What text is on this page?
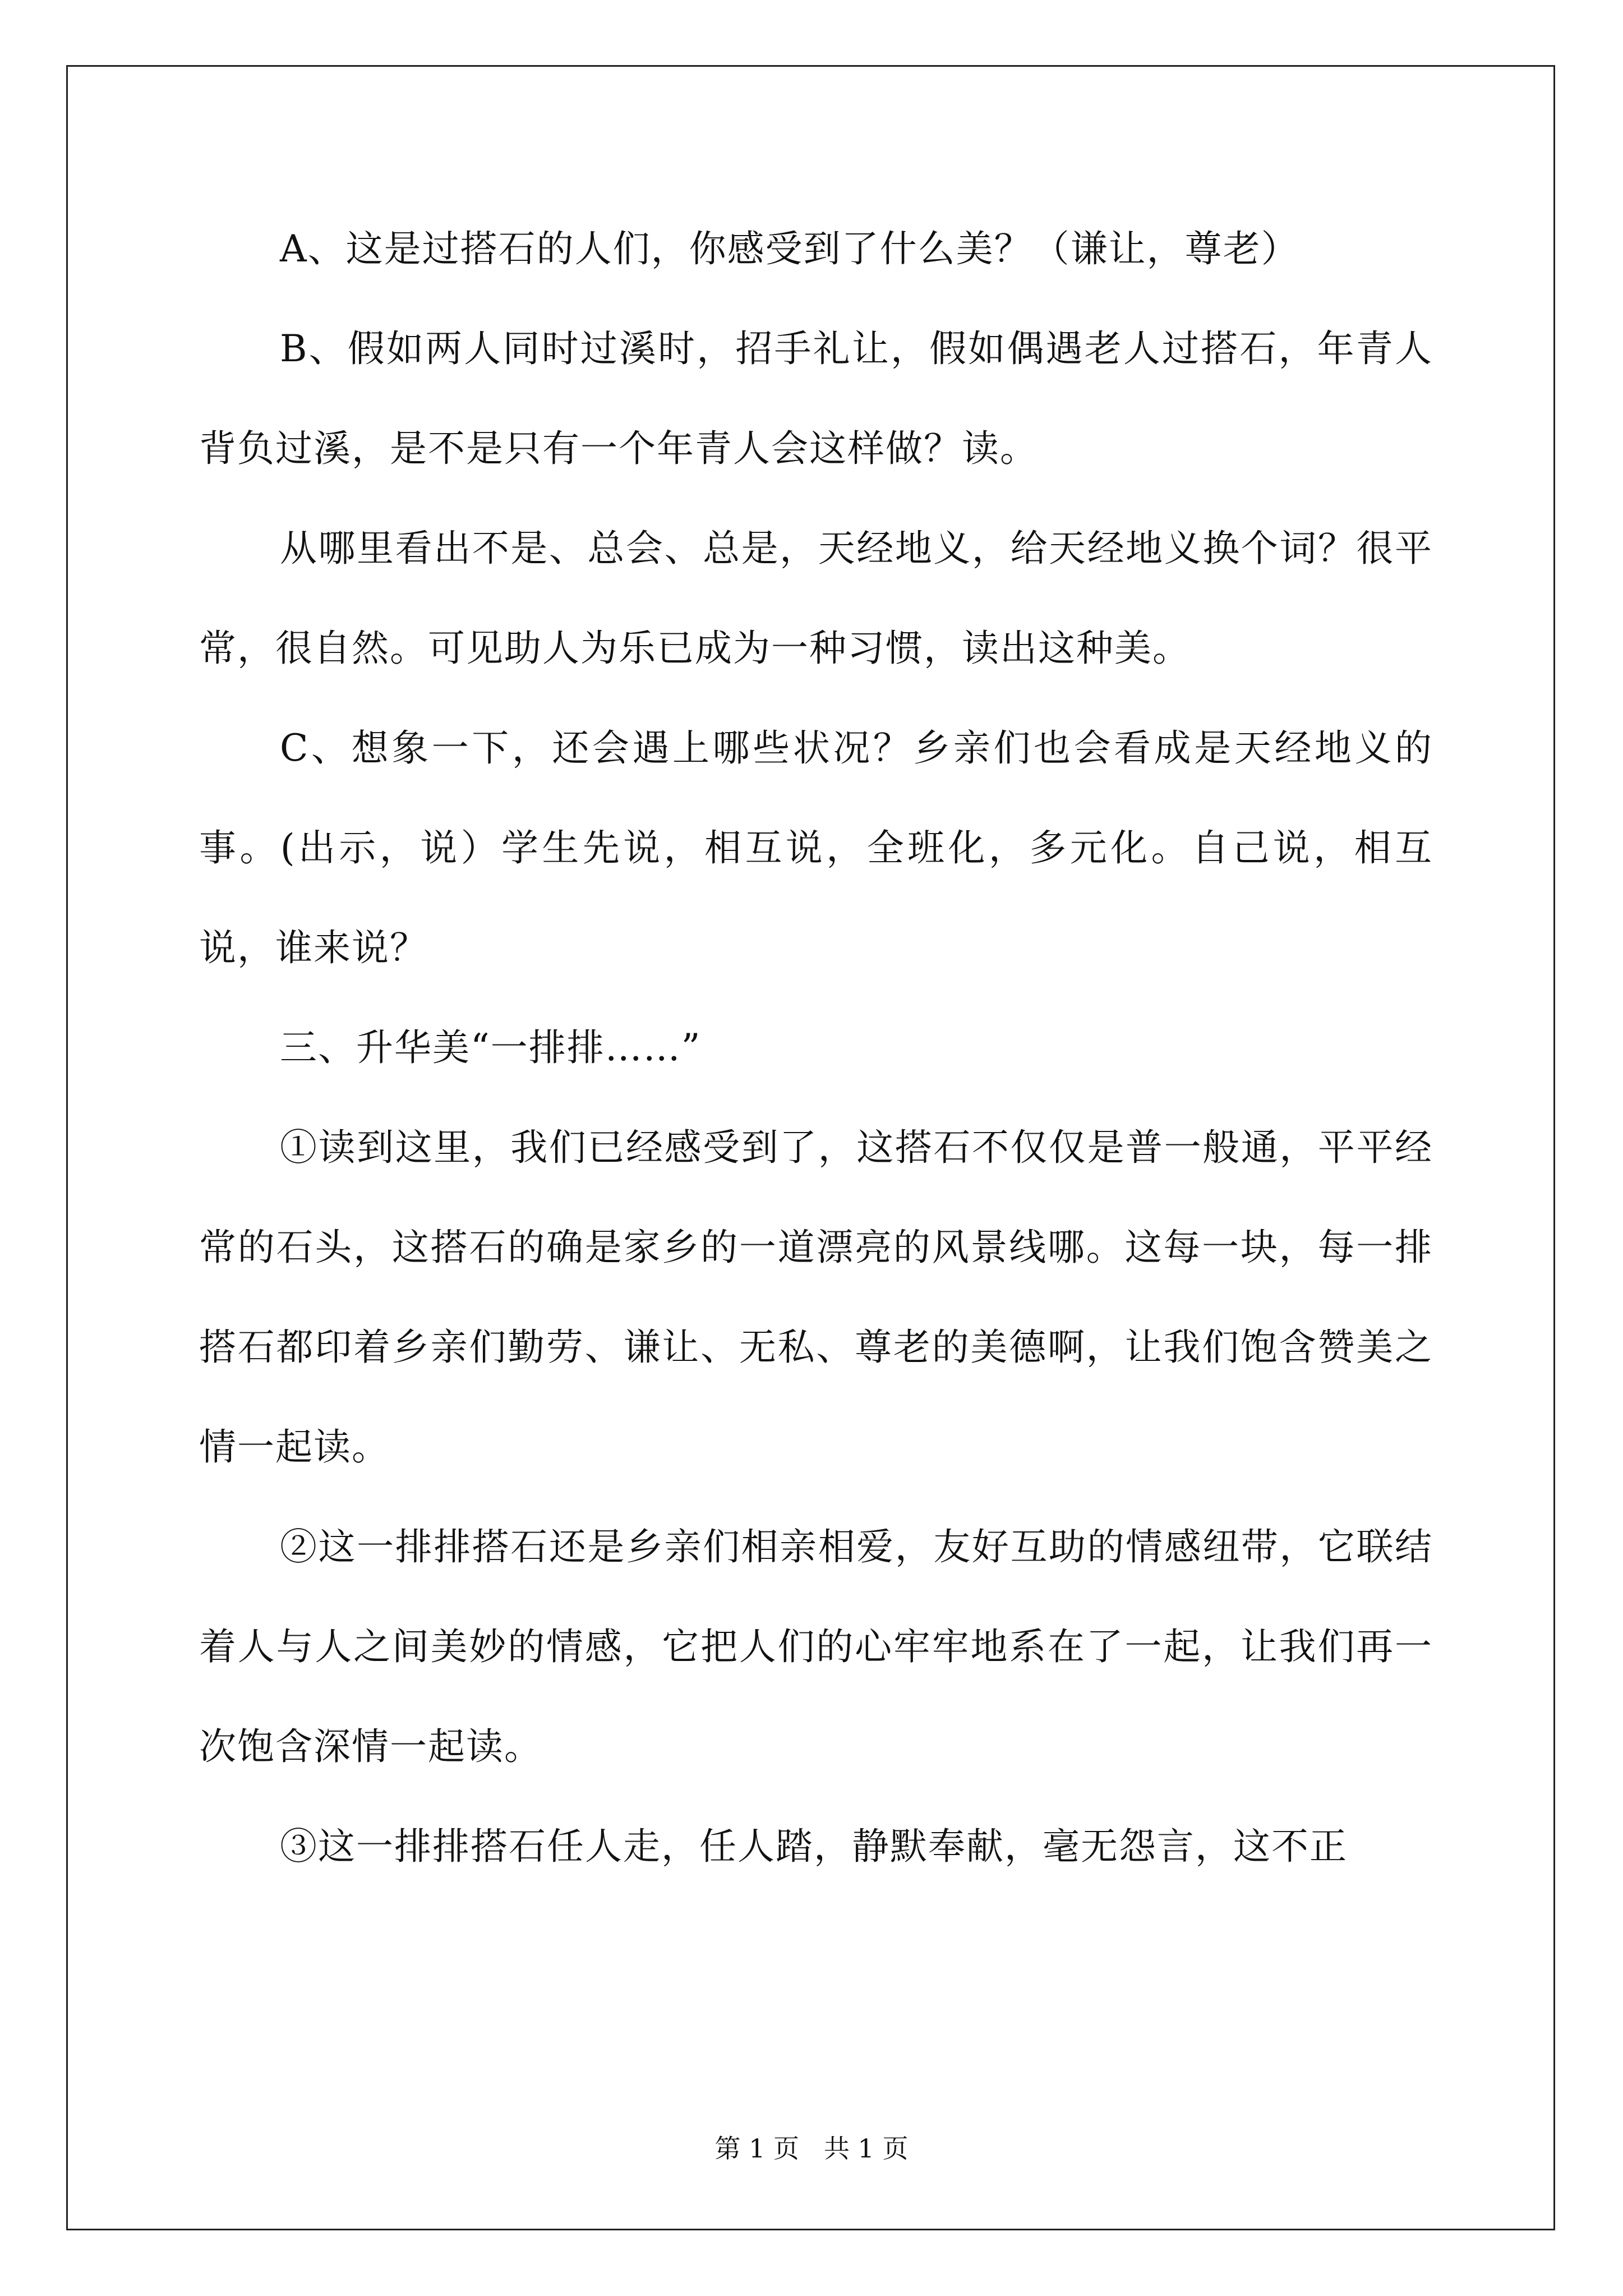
A、这是过搭石的人们，你感受到了什么美？（谦让，尊老）

B、假如两人同时过溪时，招手礼让，假如偶遇老人过搭石，年青人背负过溪，是不是只有一个年青人会这样做？读。

从哪里看出不是、总会、总是，天经地义，给天经地义换个词？很平常，很自然。可见助人为乐已成为一种习惯，读出这种美。

C、想象一下，还会遇上哪些状况？乡亲们也会看成是天经地义的事。(出示，说）学生先说，相互说，全班化，多元化。自己说，相互说，谁来说？

三、升华美“一排排……”

①读到这里，我们已经感受到了，这搭石不仅仅是普一般通，平平经常的石头，这搭石的确是家乡的一道漂亮的风景线哪。这每一块，每一排搭石都印着乡亲们勤劳、谦让、无私、尊老的美德啊，让我们饱含赞美之情一起读。

②这一排排搭石还是乡亲们相亲相爱，友好互助的情感纽带，它联结着人与人之间美妙的情感，它把人们的心牢牢地系在了一起，让我们再一次饱含深情一起读。

③这一排排搭石任人走，任人踏，静默奉献，毫无怨言，这不正

第 1 页 共 1 页
